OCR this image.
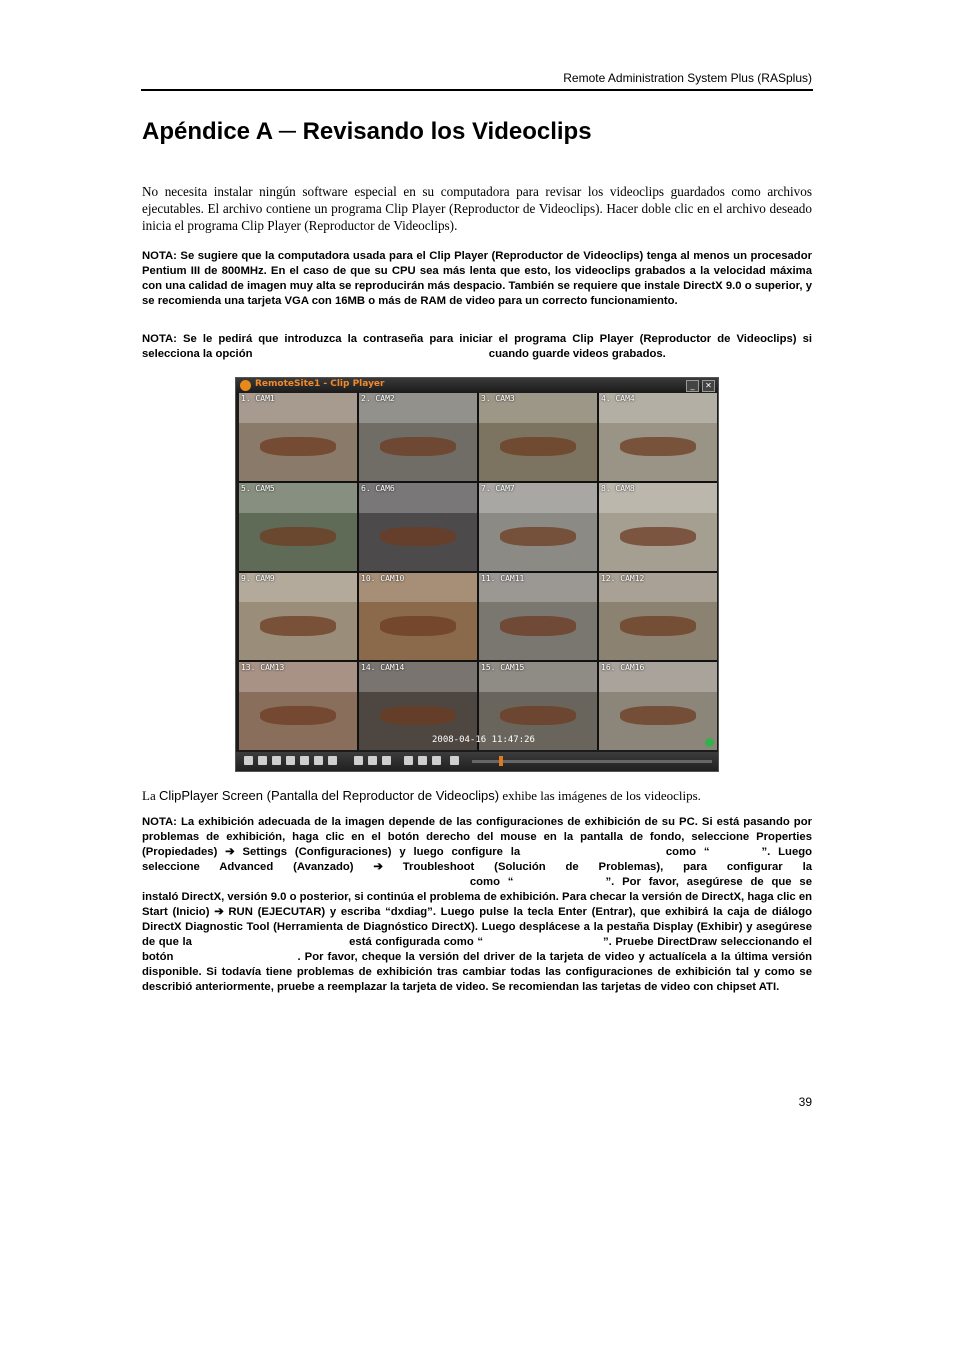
Remote Administration System Plus (RASplus)
Apéndice A ─ Revisando los Videoclips

No necesita instalar ningún software especial en su computadora para revisar los videoclips guardados como archivos ejecutables. El archivo contiene un programa Clip Player (Reproductor de Videoclips). Hacer doble clic en el archivo deseado inicia el programa Clip Player (Reproductor de Videoclips).

NOTA: Se sugiere que la computadora usada para el Clip Player (Reproductor de Videoclips) tenga al menos un procesador Pentium III de 800MHz. En el caso de que su CPU sea más lenta que esto, los videoclips grabados a la velocidad máxima con una calidad de imagen muy alta se reproducirán más despacio. También se requiere que instale DirectX 9.0 o superior, y se recomienda una tarjeta VGA con 16MB o más de RAM de video para un correcto funcionamiento.

NOTA: Se le pedirá que introduzca la contraseña para iniciar el programa Clip Player (Reproductor de Videoclips) si selecciona la opción	cuando guarde videos grabados.

RemoteSite1 - Clip Player	_	✕
1. CAM1	2. CAM2	3. CAM3	4. CAM4
5. CAM5	6. CAM6	7. CAM7	8. CAM8
9. CAM9	10. CAM10	11. CAM11	12. CAM12
13. CAM13	14. CAM14	15. CAM15	16. CAM16
2008-04-16 11:47:26
La ClipPlayer Screen (Pantalla del Reproductor de Videoclips) exhibe las imágenes de los videoclips.

NOTA: La exhibición adecuada de la imagen depende de las configuraciones de exhibición de su PC. Si está pasando por problemas de exhibición, haga clic en el botón derecho del mouse en la pantalla de fondo, seleccione Properties (Propiedades) ➔ Settings (Configuraciones) y luego configure la	como “	”. Luego seleccione Advanced (Avanzado) ➔ Troubleshoot (Solución de Problemas), para configurar la  como “	”. Por favor, asegúrese de que se instaló DirectX, versión 9.0 o posterior, si continúa el problema de exhibición. Para checar la versión de DirectX, haga clic en Start (Inicio) ➔ RUN (EJECUTAR) y escriba “dxdiag”. Luego pulse la tecla Enter (Entrar), que exhibirá la caja de diálogo DirectX Diagnostic Tool (Herramienta de Diagnóstico DirectX). Luego desplácese a la pestaña Display (Exhibir) y asegúrese de que la	está configurada como “	”. Pruebe DirectDraw seleccionando el botón	. Por favor, cheque la versión del driver de la tarjeta de video y actualícela a la última versión disponible. Si todavía tiene problemas de exhibición tras cambiar todas las configuraciones de exhibición tal y como se describió anteriormente, pruebe a reemplazar la tarjeta de video. Se recomiendan las tarjetas de video con chipset ATI.

39
